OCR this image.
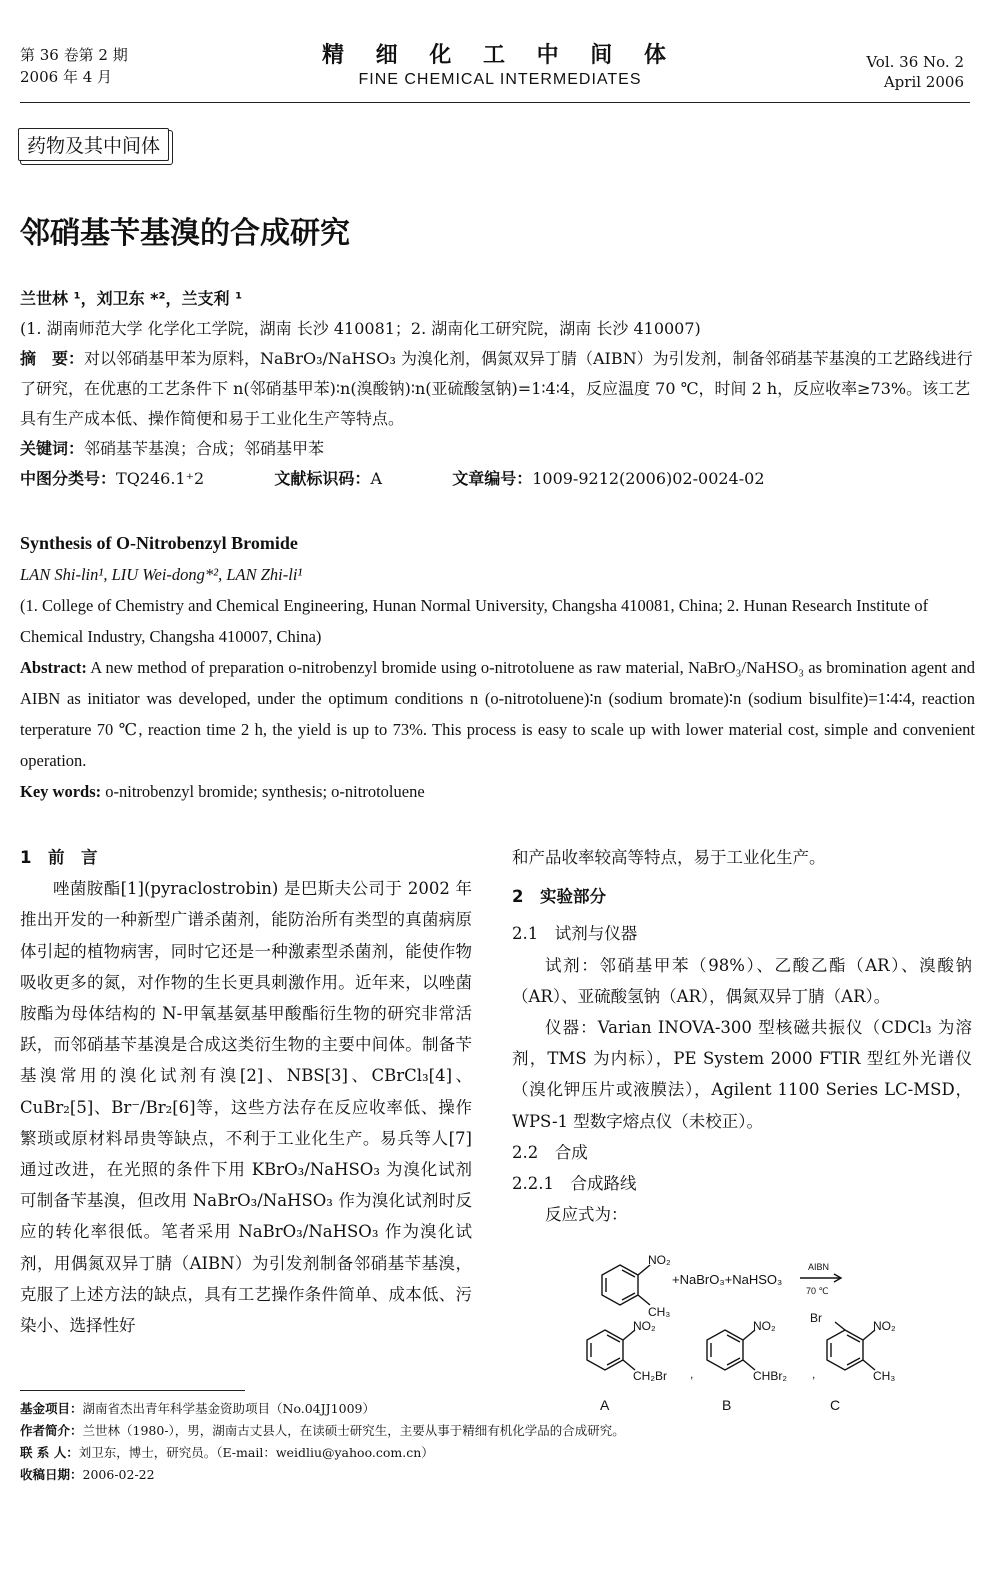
第 36 卷第 2 期
2006 年 4 月
精 细 化 工 中 间 体
FINE CHEMICAL INTERMEDIATES
Vol. 36 No. 2
April 2006
药物及其中间体
邻硝基苄基溴的合成研究
兰世林 ¹，刘卫东 *²，兰支利 ¹
(1. 湖南师范大学 化学化工学院，湖南 长沙 410081；2. 湖南化工研究院，湖南 长沙 410007)
摘　要：对以邻硝基甲苯为原料，NaBrO₃/NaHSO₃ 为溴化剂，偶氮双异丁腈（AIBN）为引发剂，制备邻硝基苄基溴的工艺路线进行了研究，在优惠的工艺条件下 n(邻硝基甲苯)∶n(溴酸钠)∶n(亚硫酸氢钠)=1∶4∶4，反应温度 70 ℃，时间 2 h，反应收率≥73%。该工艺具有生产成本低、操作简便和易于工业化生产等特点。
关键词：邻硝基苄基溴；合成；邻硝基甲苯
中图分类号：TQ246.1⁺2	文献标识码：A	文章编号：1009-9212(2006)02-0024-02
Synthesis of O-Nitrobenzyl Bromide
LAN Shi-lin¹, LIU Wei-dong*², LAN Zhi-li¹
(1. College of Chemistry and Chemical Engineering, Hunan Normal University, Changsha 410081, China; 2. Hunan Research Institute of Chemical Industry, Changsha 410007, China)
Abstract: A new method of preparation o-nitrobenzyl bromide using o-nitrotoluene as raw material, NaBrO₃/NaHSO₃ as bromination agent and AIBN as initiator was developed, under the optimum conditions n (o-nitrotoluene)∶n (sodium bromate)∶n (sodium bisulfite)=1∶4∶4, reaction terperature 70 ℃, reaction time 2 h, the yield is up to 73%. This process is easy to scale up with lower material cost, simple and convenient operation.
Key words: o-nitrobenzyl bromide; synthesis; o-nitrotoluene

1　前　言

唑菌胺酯[1](pyraclostrobin) 是巴斯夫公司于 2002 年推出开发的一种新型广谱杀菌剂，能防治所有类型的真菌病原体引起的植物病害，同时它还是一种激素型杀菌剂，能使作物吸收更多的氮，对作物的生长更具刺激作用。近年来，以唑菌胺酯为母体结构的 N-甲氧基氨基甲酸酯衍生物的研究非常活跃，而邻硝基苄基溴是合成这类衍生物的主要中间体。制备苄基溴常用的溴化试剂有溴[2]、NBS[3]、CBrCl₃[4]、CuBr₂[5]、Br⁻/Br₂[6]等，这些方法存在反应收率低、操作繁琐或原材料昂贵等缺点，不利于工业化生产。易兵等人[7]通过改进，在光照的条件下用 KBrO₃/NaHSO₃ 为溴化试剂可制备苄基溴，但改用 NaBrO₃/NaHSO₃ 作为溴化试剂时反应的转化率很低。笔者采用 NaBrO₃/NaHSO₃ 作为溴化试剂，用偶氮双异丁腈（AIBN）为引发剂制备邻硝基苄基溴，克服了上述方法的缺点，具有工艺操作条件简单、成本低、污染小、选择性好

和产品收率较高等特点，易于工业化生产。

2　实验部分

2.1　试剂与仪器

试剂：邻硝基甲苯（98%）、乙酸乙酯（AR）、溴酸钠（AR）、亚硫酸氢钠（AR），偶氮双异丁腈（AR）。

仪器：Varian INOVA-300 型核磁共振仪（CDCl₃ 为溶剂，TMS 为内标），PE System 2000 FTIR 型红外光谱仪（溴化钾压片或液膜法），Agilent 1100 Series LC-MSD，WPS-1 型数字熔点仪（未校正）。

2.2　合成

2.2.1　合成路线

反应式为：

NO₂
CH₃
+NaBrO₃+NaHSO₃
AIBN
70 ℃
NO₂
CH₂Br
NO₂
CHBr₂
Br
NO₂
CH₃
,	,
A	B	C
基金项目：湖南省杰出青年科学基金资助项目（No.04JJ1009）
作者简介：兰世林（1980-），男，湖南古丈县人，在读硕士研究生，主要从事于精细有机化学品的合成研究。
联 系 人：刘卫东，博士，研究员。（E-mail：weidliu@yahoo.com.cn）
收稿日期：2006-02-22
